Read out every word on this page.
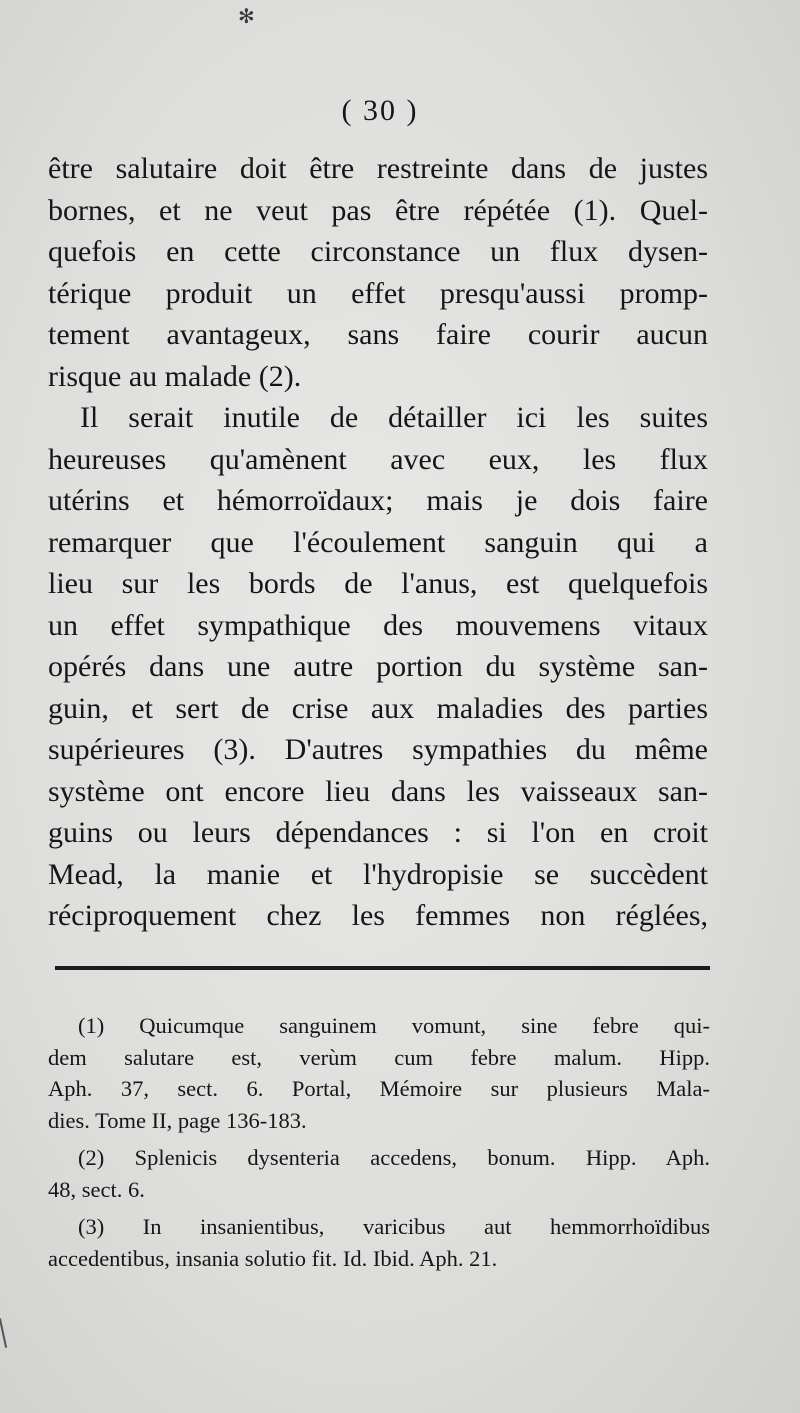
✻
( 30 )
être salutaire doit être restreinte dans de justes
bornes, et ne veut pas être répétée (1). Quel-
quefois en cette circonstance un flux dysen-
térique produit un effet presqu'aussi promp-
tement avantageux, sans faire courir aucun
risque au malade (2).
Il serait inutile de détailler ici les suites
heureuses qu'amènent avec eux, les flux
utérins et hémorroïdaux; mais je dois faire
remarquer que l'écoulement sanguin qui a
lieu sur les bords de l'anus, est quelquefois
un effet sympathique des mouvemens vitaux
opérés dans une autre portion du système san-
guin, et sert de crise aux maladies des parties
supérieures (3). D'autres sympathies du même
système ont encore lieu dans les vaisseaux san-
guins ou leurs dépendances : si l'on en croit
Mead, la manie et l'hydropisie se succèdent
réciproquement chez les femmes non réglées,
(1) Quicumque sanguinem vomunt, sine febre qui-
dem salutare est, verùm cum febre malum. Hipp.
Aph. 37, sect. 6. Portal, Mémoire sur plusieurs Mala-
dies. Tome II, page 136-183.
(2) Splenicis dysenteria accedens, bonum. Hipp. Aph.
48, sect. 6.
(3) In insanientibus, varicibus aut hemmorrhoïdibus
accedentibus, insania solutio fit. Id. Ibid. Aph. 21.
